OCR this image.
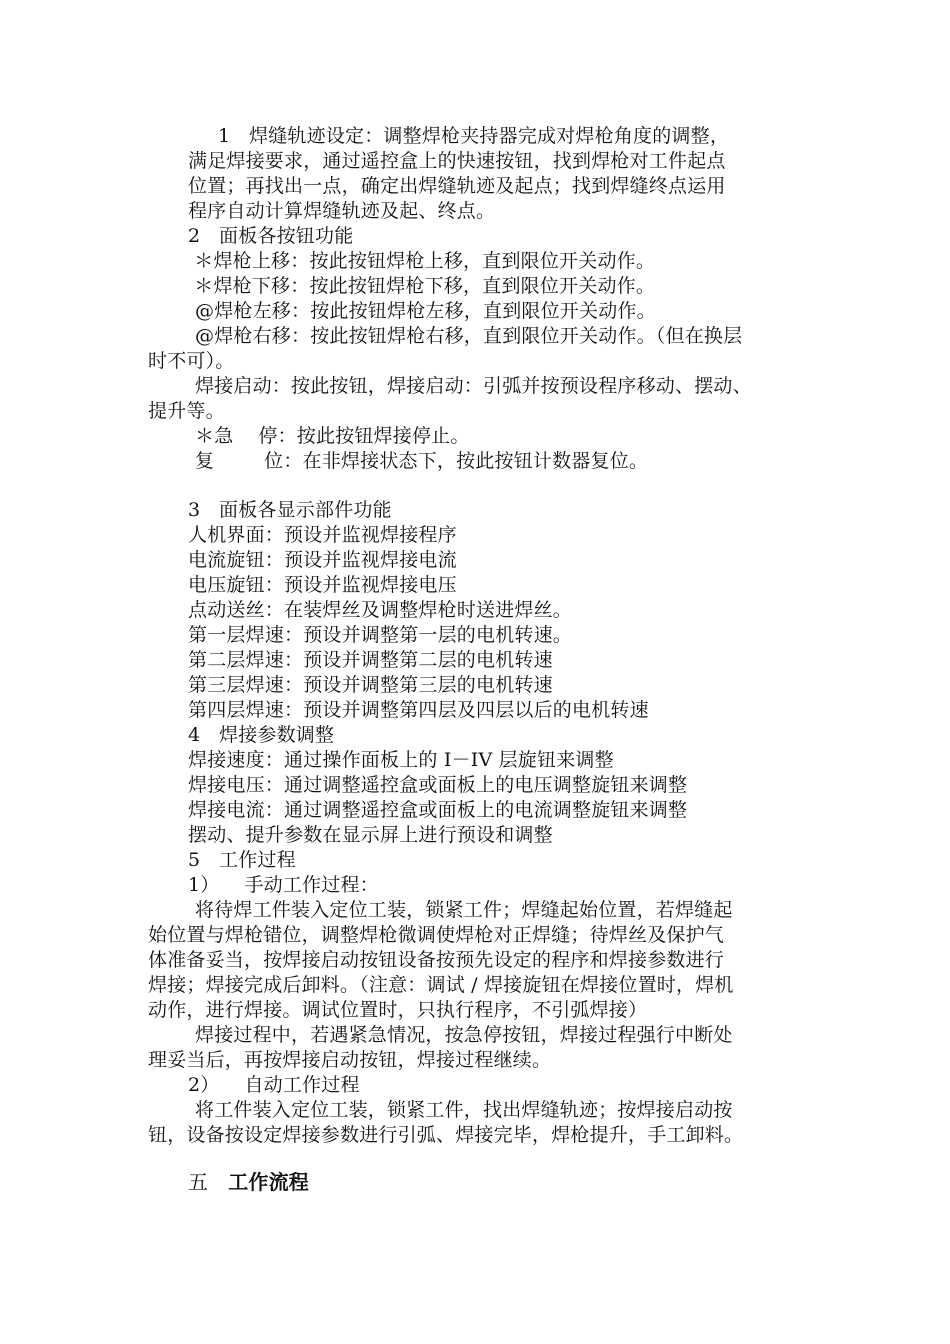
1 焊缝轨迹设定：调整焊枪夹持器完成对焊枪角度的调整，
满足焊接要求，通过遥控盒上的快速按钮，找到焊枪对工件起点
位置；再找出一点，确定出焊缝轨迹及起点；找到焊缝终点运用
程序自动计算焊缝轨迹及起、终点。
2   面板各按钮功能
＊焊枪上移：按此按钮焊枪上移，直到限位开关动作。
＊焊枪下移：按此按钮焊枪下移，直到限位开关动作。
@焊枪左移：按此按钮焊枪左移，直到限位开关动作。
@焊枪右移：按此按钮焊枪右移，直到限位开关动作。（但在换层
时不可）。
焊接启动：按此按钮，焊接启动：引弧并按预设程序移动、摆动、
提升等。
＊急    停：按此按钮焊接停止。
复        位：在非焊接状态下，按此按钮计数器复位。
3   面板各显示部件功能
人机界面：预设并监视焊接程序
电流旋钮：预设并监视焊接电流
电压旋钮：预设并监视焊接电压
点动送丝：在装焊丝及调整焊枪时送进焊丝。
第一层焊速：预设并调整第一层的电机转速。
第二层焊速：预设并调整第二层的电机转速
第三层焊速：预设并调整第三层的电机转速
第四层焊速：预设并调整第四层及四层以后的电机转速
4   焊接参数调整
焊接速度：通过操作面板上的 I－IV 层旋钮来调整
焊接电压：通过调整遥控盒或面板上的电压调整旋钮来调整
焊接电流：通过调整遥控盒或面板上的电流调整旋钮来调整
摆动、提升参数在显示屏上进行预设和调整
5   工作过程
1）    手动工作过程：
将待焊工件装入定位工装，锁紧工件；焊缝起始位置，若焊缝起
始位置与焊枪错位，调整焊枪微调使焊枪对正焊缝；待焊丝及保护气
体准备妥当，按焊接启动按钮设备按预先设定的程序和焊接参数进行
焊接；焊接完成后卸料。（注意：调试 / 焊接旋钮在焊接位置时，焊机
动作，进行焊接。调试位置时，只执行程序，不引弧焊接）
焊接过程中，若遇紧急情况，按急停按钮，焊接过程强行中断处
理妥当后，再按焊接启动按钮，焊接过程继续。
2）    自动工作过程
将工件装入定位工装，锁紧工件，找出焊缝轨迹；按焊接启动按
钮，设备按设定焊接参数进行引弧、焊接完毕，焊枪提升，手工卸料。
五 工作流程
